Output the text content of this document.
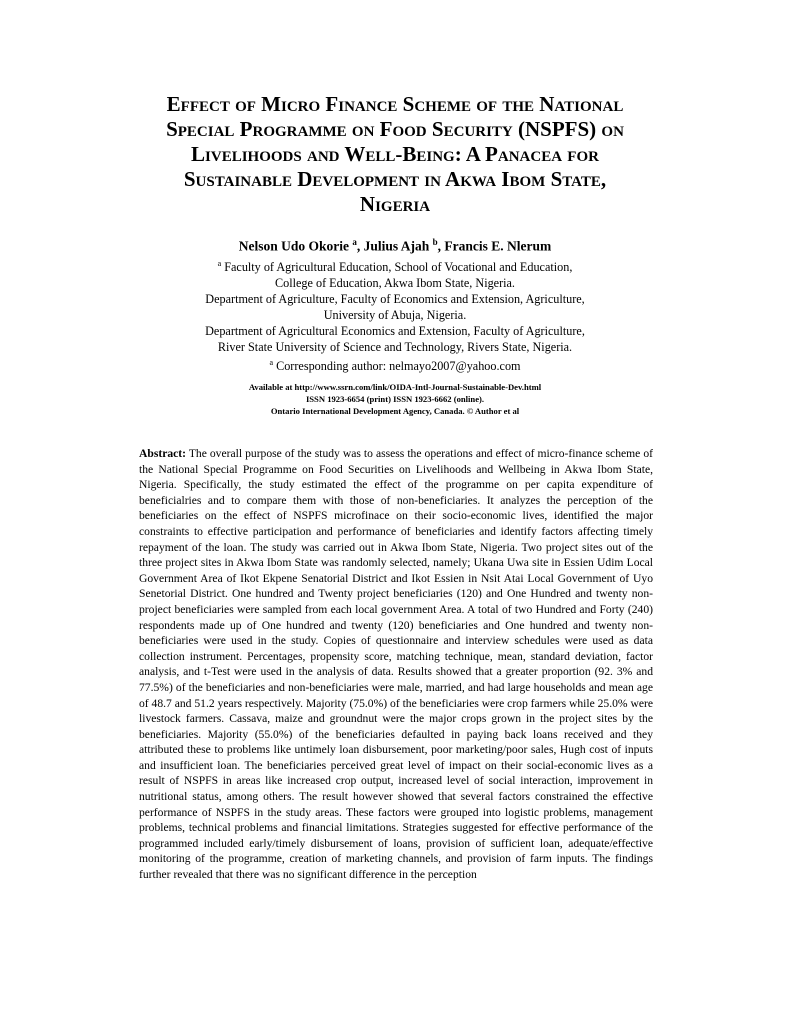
Effect of Micro Finance Scheme of the National
Special Programme on Food Security (NSPFS) on
Livelihoods and Well-Being: A Panacea for
Sustainable Development in Akwa Ibom State,
Nigeria

Nelson Udo Okorie $^a$, Julius Ajah $^b$, Francis E. Nlerum

$^a$ Faculty of Agricultural Education, School of Vocational and Education,
College of Education, Akwa Ibom State, Nigeria.
Department of Agriculture, Faculty of Economics and Extension, Agriculture,
University of Abuja, Nigeria.
Department of Agricultural Economics and Extension, Faculty of Agriculture,
River State University of Science and Technology, Rivers State, Nigeria.
$^a$ Corresponding author: nelmayo2007@yahoo.com
Available at http://www.ssrn.com/link/OIDA-Intl-Journal-Sustainable-Dev.html
ISSN 1923-6654 (print) ISSN 1923-6662 (online).
Ontario International Development Agency, Canada. © Author et al

Abstract: The overall purpose of the study was to assess the operations and effect of micro-finance scheme of the National Special Programme on Food Securities on Livelihoods and Wellbeing in Akwa Ibom State, Nigeria. Specifically, the study estimated the effect of the programme on per capita expenditure of beneficialries and to compare them with those of non-beneficiaries. It analyzes the perception of the beneficiaries on the effect of NSPFS microfinace on their socio-economic lives, identified the major constraints to effective participation and performance of beneficiaries and identify factors affecting timely repayment of the loan. The study was carried out in Akwa Ibom State, Nigeria. Two project sites out of the three project sites in Akwa Ibom State was randomly selected, namely; Ukana Uwa site in Essien Udim Local Government Area of Ikot Ekpene Senatorial District and Ikot Essien in Nsit Atai Local Government of Uyo Senetorial District. One hundred and Twenty project beneficiaries (120) and One Hundred and twenty non-project beneficiaries were sampled from each local government Area. A total of two Hundred and Forty (240) respondents made up of One hundred and twenty (120) beneficiaries and One hundred and twenty non-beneficiaries were used in the study. Copies of questionnaire and interview schedules were used as data collection instrument. Percentages, propensity score, matching technique, mean, standard deviation, factor analysis, and t-Test were used in the analysis of data. Results showed that a greater proportion (92. 3% and 77.5%) of the beneficiaries and non-beneficiaries were male, married, and had large households and mean age of 48.7 and 51.2 years respectively. Majority (75.0%) of the beneficiaries were crop farmers while 25.0% were livestock farmers. Cassava, maize and groundnut were the major crops grown in the project sites by the beneficiaries. Majority (55.0%) of the beneficiaries defaulted in paying back loans received and they attributed these to problems like untimely loan disbursement, poor marketing/poor sales, Hugh cost of inputs and insufficient loan. The beneficiaries perceived great level of impact on their social-economic lives as a result of NSPFS in areas like increased crop output, increased level of social interaction, improvement in nutritional status, among others. The result however showed that several factors constrained the effective performance of NSPFS in the study areas. These factors were grouped into logistic problems, management problems, technical problems and financial limitations. Strategies suggested for effective performance of the programmed included early/timely disbursement of loans, provision of sufficient loan, adequate/effective monitoring of the programme, creation of marketing channels, and provision of farm inputs. The findings further revealed that there was no significant difference in the perception
